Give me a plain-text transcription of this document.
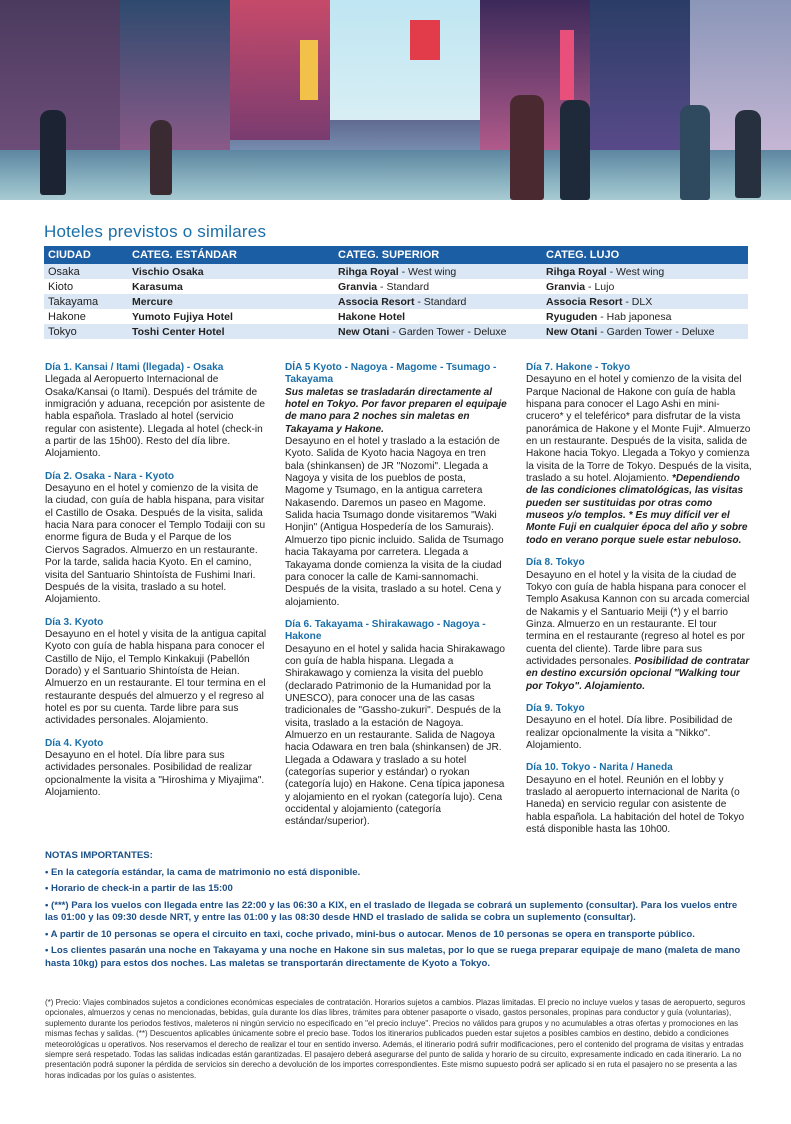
Hoteles previstos o similares
CIUDAD	CATEG. ESTÁNDAR	CATEG. SUPERIOR	CATEG. LUJO
Osaka	Vischio Osaka	Rihga Royal - West wing	Rihga Royal - West wing
Kioto	Karasuma	Granvia - Standard	Granvia - Lujo
Takayama	Mercure	Associa Resort - Standard	Associa Resort - DLX
Hakone	Yumoto Fujiya Hotel	Hakone Hotel	Ryuguden - Hab japonesa
Tokyo	Toshi Center Hotel	New Otani - Garden Tower - Deluxe	New Otani - Garden Tower - Deluxe
Día 1. Kansai / Itami (llegada) - Osaka
Llegada al Aeropuerto Internacional de Osaka/Kansai (o Itami). Después del trámite de inmigración y aduana, recepción por asistente de habla española. Traslado al hotel (servicio regular con asistente). Llegada al hotel (check-in a partir de las 15h00). Resto del día libre. Alojamiento.
Día 2. Osaka - Nara - Kyoto
Desayuno en el hotel y comienzo de la visita de la ciudad, con guía de habla hispana, para visitar el Castillo de Osaka. Después de la visita, salida hacia Nara para conocer el Templo Todaiji con su enorme figura de Buda y el Parque de los Ciervos Sagrados. Almuerzo en un restaurante. Por la tarde, salida hacia Kyoto. En el camino, visita del Santuario Shintoísta de Fushimi Inari. Después de la visita, traslado a su hotel. Alojamiento.
Día 3. Kyoto
Desayuno en el hotel y visita de la antigua capital Kyoto con guía de habla hispana para conocer el Castillo de Nijo, el Templo Kinkakuji (Pabellón Dorado) y el Santuario Shintoísta de Heian. Almuerzo en un restaurante. El tour termina en el restaurante después del almuerzo y el regreso al hotel es por su cuenta. Tarde libre para sus actividades personales. Alojamiento.
Día 4. Kyoto
Desayuno en el hotel. Día libre para sus actividades personales. Posibilidad de realizar opcionalmente la visita a "Hiroshima y Miyajima". Alojamiento.
DÍA 5 Kyoto - Nagoya - Magome - Tsumago - Takayama
Sus maletas se trasladarán directamente al hotel en Tokyo. Por favor preparen el equipaje de mano para 2 noches sin maletas en Takayama y Hakone.
Desayuno en el hotel y traslado a la estación de Kyoto. Salida de Kyoto hacia Nagoya en tren bala (shinkansen) de JR "Nozomi". Llegada a Nagoya y visita de los pueblos de posta, Magome y Tsumago, en la antigua carretera Nakasendo. Daremos un paseo en Magome. Salida hacia Tsumago donde visitaremos "Waki Honjin" (Antigua Hospedería de los Samurais). Almuerzo tipo picnic incluido. Salida de Tsumago hacia Takayama por carretera. Llegada a Takayama donde comienza la visita de la ciudad para conocer la calle de Kami-sannomachi. Después de la visita, traslado a su hotel. Cena y alojamiento.
Día 6. Takayama - Shirakawago - Nagoya - Hakone
Desayuno en el hotel y salida hacia Shirakawago con guía de habla hispana. Llegada a Shirakawago y comienza la visita del pueblo (declarado Patrimonio de la Humanidad por la UNESCO), para conocer una de las casas tradicionales de "Gassho-zukuri". Después de la visita, traslado a la estación de Nagoya. Almuerzo en un restaurante. Salida de Nagoya hacia Odawara en tren bala (shinkansen) de JR. Llegada a Odawara y traslado a su hotel (categorías superior y estándar) o ryokan (categoría lujo) en Hakone. Cena típica japonesa y alojamiento en el ryokan (categoría lujo). Cena occidental y alojamiento (categoría estándar/superior).
Día 7. Hakone - Tokyo
Desayuno en el hotel y comienzo de la visita del Parque Nacional de Hakone con guía de habla hispana para conocer el Lago Ashi en mini-crucero* y el teleférico* para disfrutar de la vista panorámica de Hakone y el Monte Fuji*. Almuerzo en un restaurante. Después de la visita, salida de Hakone hacia Tokyo. Llegada a Tokyo y comienza la visita de la Torre de Tokyo. Después de la visita, traslado a su hotel. Alojamiento. *Dependiendo de las condiciones climatológicas, las visitas pueden ser sustituidas por otras como museos y/o templos. * Es muy difícil ver el Monte Fuji en cualquier época del año y sobre todo en verano porque suele estar nebuloso.
Día 8. Tokyo
Desayuno en el hotel y la visita de la ciudad de Tokyo con guía de habla hispana para conocer el Templo Asakusa Kannon con su arcada comercial de Nakamis y el Santuario Meiji (*) y el barrio Ginza. Almuerzo en un restaurante. El tour termina en el restaurante (regreso al hotel es por cuenta del cliente). Tarde libre para sus actividades personales. Posibilidad de contratar en destino excursión opcional "Walking tour por Tokyo". Alojamiento.
Día 9. Tokyo
Desayuno en el hotel. Día libre. Posibilidad de realizar opcionalmente la visita a "Nikko". Alojamiento.
Día 10. Tokyo - Narita / Haneda
Desayuno en el hotel. Reunión en el lobby y traslado al aeropuerto internacional de Narita (o Haneda) en servicio regular con asistente de habla española. La habitación del hotel de Tokyo está disponible hasta las 10h00.
NOTAS IMPORTANTES:

• En la categoría estándar, la cama de matrimonio no está disponible.

• Horario de check-in a partir de las 15:00

• (***) Para los vuelos con llegada entre las 22:00 y las 06:30 a KIX, en el traslado de llegada se cobrará un suplemento (consultar). Para los vuelos entre las 01:00 y las 09:30 desde NRT, y entre las 01:00 y las 08:30 desde HND el traslado de salida se cobra un suplemento (consultar).

• A partir de 10 personas se opera el circuito en taxi, coche privado, mini-bus o autocar. Menos de 10 personas se opera en transporte público.

• Los clientes pasarán una noche en Takayama y una noche en Hakone sin sus maletas, por lo que se ruega preparar equipaje de mano (maleta de mano hasta 10kg) para estos dos noches. Las maletas se transportarán directamente de Kyoto a Tokyo.

(*) Precio: Viajes combinados sujetos a condiciones económicas especiales de contratación. Horarios sujetos a cambios. Plazas limitadas. El precio no incluye vuelos y tasas de aeropuerto, seguros opcionales, almuerzos y cenas no mencionadas, bebidas, guía durante los días libres, trámites para obtener pasaporte o visado, gastos personales, propinas para conductor y guía (voluntarias), suplemento durante los periodos festivos, maleteros ni ningún servicio no especificado en "el precio incluye". Precios no válidos para grupos y no acumulables a otras ofertas y promociones en las mismas fechas y salidas. (**) Descuentos aplicables únicamente sobre el precio base. Todos los itinerarios publicados pueden estar sujetos a posibles cambios en destino, debido a condiciones meteorológicas u operativos. Nos reservamos el derecho de realizar el tour en sentido inverso. Además, el itinerario podrá sufrir modificaciones, pero el contenido del programa de visitas y entradas siempre será respetado. Todas las salidas indicadas están garantizadas. El pasajero deberá asegurarse del punto de salida y horario de su circuito, expresamente indicado en cada itinerario. La no presentación podrá suponer la pérdida de servicios sin derecho a devolución de los importes correspondientes. Este mismo supuesto podrá ser aplicado si en ruta el pasajero no se presenta a las horas indicadas por los guías o asistentes.
